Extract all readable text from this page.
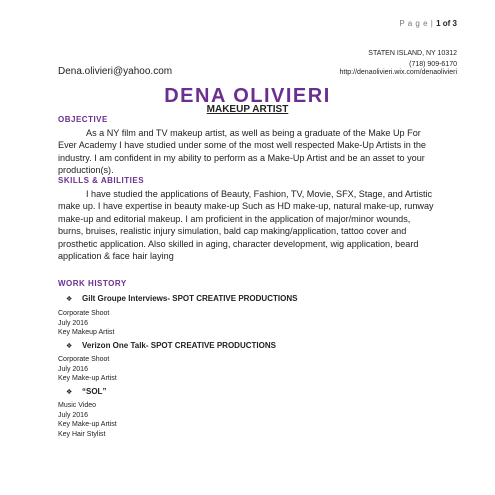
P a g e | 1 of 3
STATEN ISLAND, NY 10312
(718) 909-6170
Dena.olivieri@yahoo.com	http://denaolivieri.wix.com/denaolivieri
DENA OLIVIERI
MAKEUP ARTIST
OBJECTIVE
As a NY film and TV makeup artist, as well as being a graduate of the Make Up For Ever Academy I have studied under some of the most well respected Make-Up Artists in the industry. I am confident in my ability to perform as a Make-Up Artist and be an asset to your production(s).
SKILLS & ABILITIES
I have studied the applications of Beauty, Fashion, TV, Movie, SFX, Stage, and Artistic make up. I have expertise in beauty make-up Such as HD make-up, natural make-up, runway make-up and editorial makeup. I am proficient in the application of major/minor wounds, burns, bruises, realistic injury simulation, bald cap making/application, tattoo cover and prosthetic application. Also skilled in aging, character development, wig application, beard application & face hair laying
WORK HISTORY
❖ Gilt Groupe Interviews- SPOT CREATIVE PRODUCTIONS
Corporate Shoot
July 2016
Key Makeup Artist
❖ Verizon One Talk- SPOT CREATIVE PRODUCTIONS
Corporate Shoot
July 2016
Key Make-up Artist
❖ “SOL”
Music Video
July 2016
Key Make-up Artist
Key Hair Stylist
